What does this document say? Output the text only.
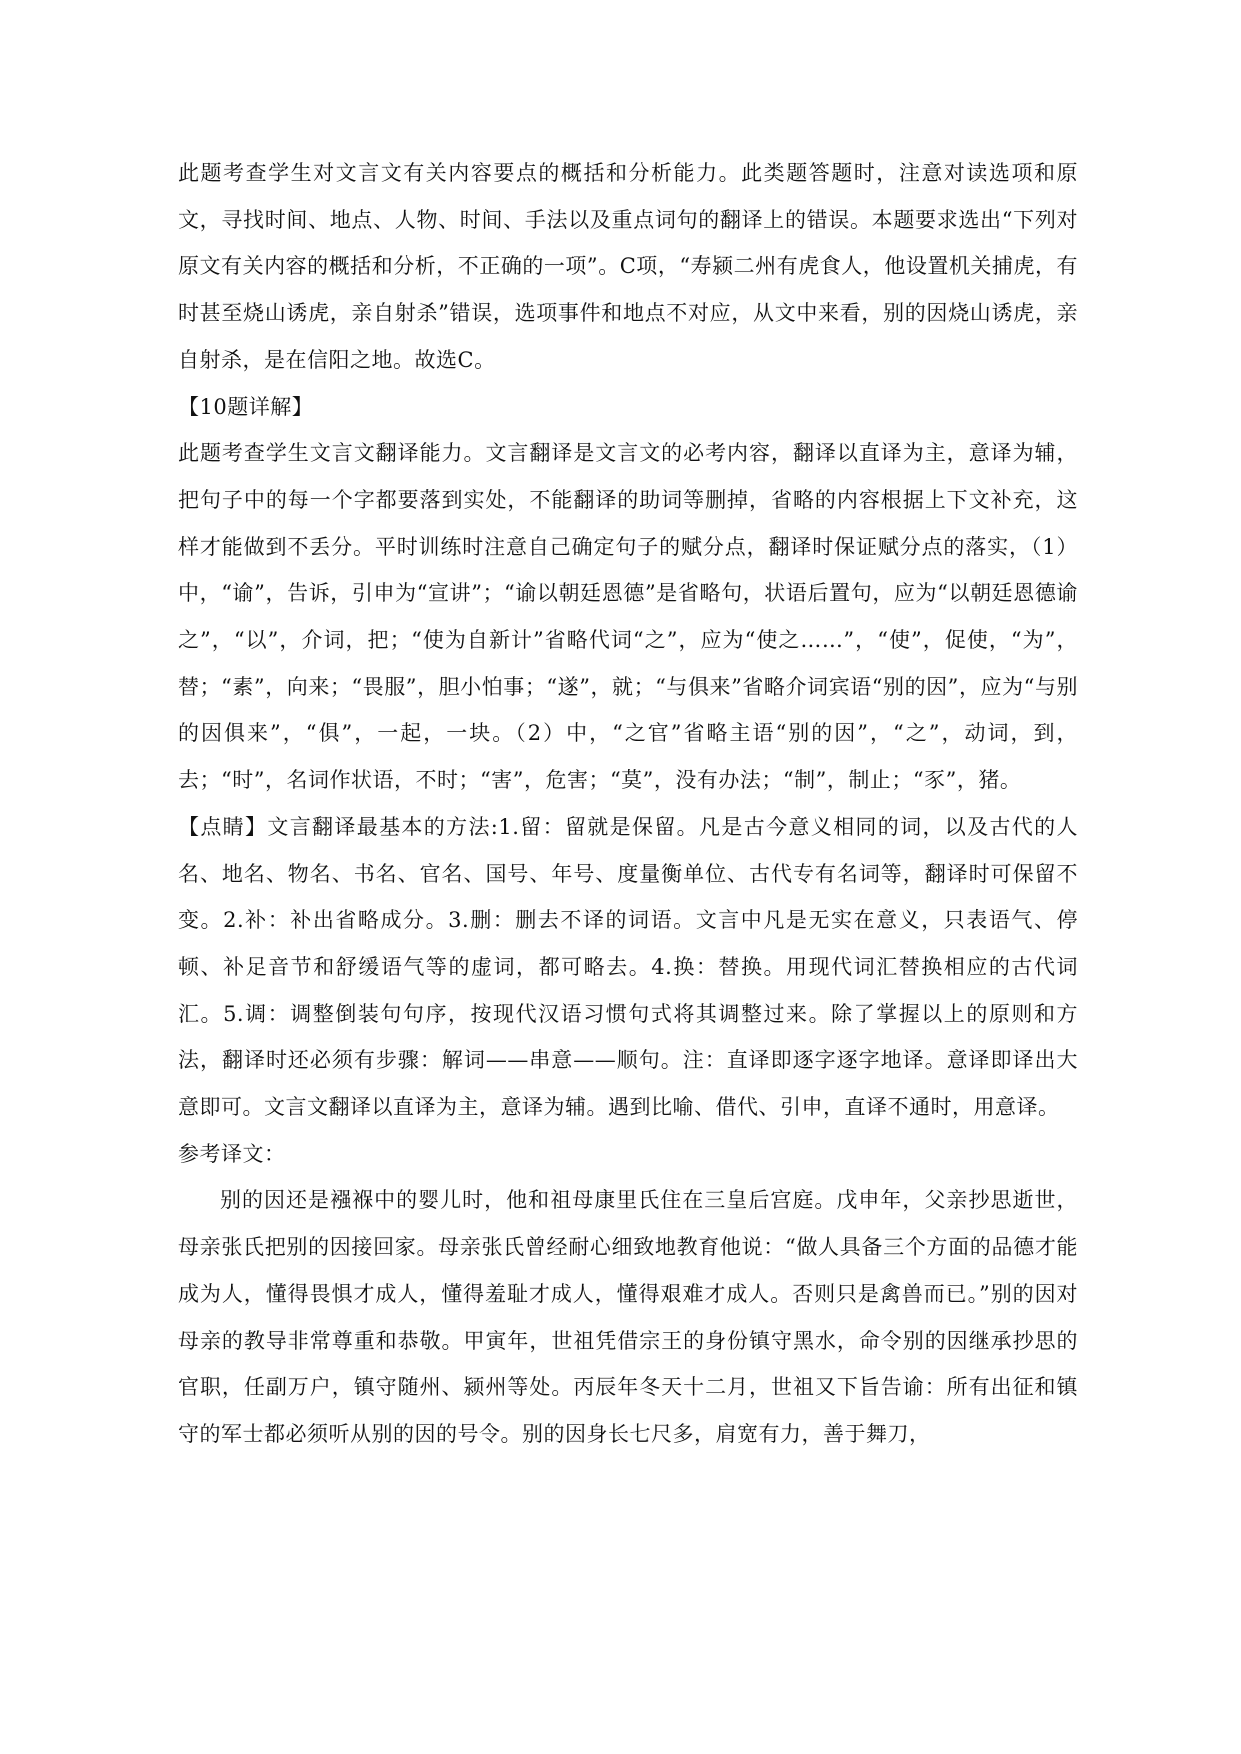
此题考查学生对文言文有关内容要点的概括和分析能力。此类题答题时，注意对读选项和原文，寻找时间、地点、人物、时间、手法以及重点词句的翻译上的错误。本题要求选出“下列对原文有关内容的概括和分析，不正确的一项”。C项，“寿颍二州有虎食人，他设置机关捕虎，有时甚至烧山诱虎，亲自射杀”错误，选项事件和地点不对应，从文中来看，别的因烧山诱虎，亲自射杀，是在信阳之地。故选C。

【10题详解】

此题考查学生文言文翻译能力。文言翻译是文言文的必考内容，翻译以直译为主，意译为辅，把句子中的每一个字都要落到实处，不能翻译的助词等删掉，省略的内容根据上下文补充，这样才能做到不丢分。平时训练时注意自己确定句子的赋分点，翻译时保证赋分点的落实，（1）中，“谕”，告诉，引申为“宣讲”；“谕以朝廷恩德”是省略句，状语后置句，应为“以朝廷恩德谕之”，“以”，介词，把；“使为自新计”省略代词“之”，应为“使之……”，“使”，促使，“为”，替；“素”，向来；“畏服”，胆小怕事；“遂”，就；“与俱来”省略介词宾语“别的因”，应为“与别的因俱来”，“俱”，一起，一块。（2）中，“之官”省略主语“别的因”，“之”，动词，到，去；“时”，名词作状语，不时；“害”，危害；“莫”，没有办法；“制”，制止；“豕”，猪。

【点睛】文言翻译最基本的方法:1.留：留就是保留。凡是古今意义相同的词，以及古代的人名、地名、物名、书名、官名、国号、年号、度量衡单位、古代专有名词等，翻译时可保留不变。2.补：补出省略成分。3.删：删去不译的词语。文言中凡是无实在意义，只表语气、停顿、补足音节和舒缓语气等的虚词，都可略去。4.换：替换。用现代词汇替换相应的古代词汇。5.调：调整倒装句句序，按现代汉语习惯句式将其调整过来。除了掌握以上的原则和方法，翻译时还必须有步骤：解词——串意——顺句。注：直译即逐字逐字地译。意译即译出大意即可。文言文翻译以直译为主，意译为辅。遇到比喻、借代、引申，直译不通时，用意译。

参考译文：

别的因还是襁褓中的婴儿时，他和祖母康里氏住在三皇后宫庭。戊申年，父亲抄思逝世，母亲张氏把别的因接回家。母亲张氏曾经耐心细致地教育他说：“做人具备三个方面的品德才能成为人，懂得畏惧才成人，懂得羞耻才成人，懂得艰难才成人。否则只是禽兽而已。”别的因对母亲的教导非常尊重和恭敬。甲寅年，世祖凭借宗王的身份镇守黑水，命令别的因继承抄思的官职，任副万户，镇守随州、颍州等处。丙辰年冬天十二月，世祖又下旨告谕：所有出征和镇守的军士都必须听从别的因的号令。别的因身长七尺多，肩宽有力，善于舞刀，
